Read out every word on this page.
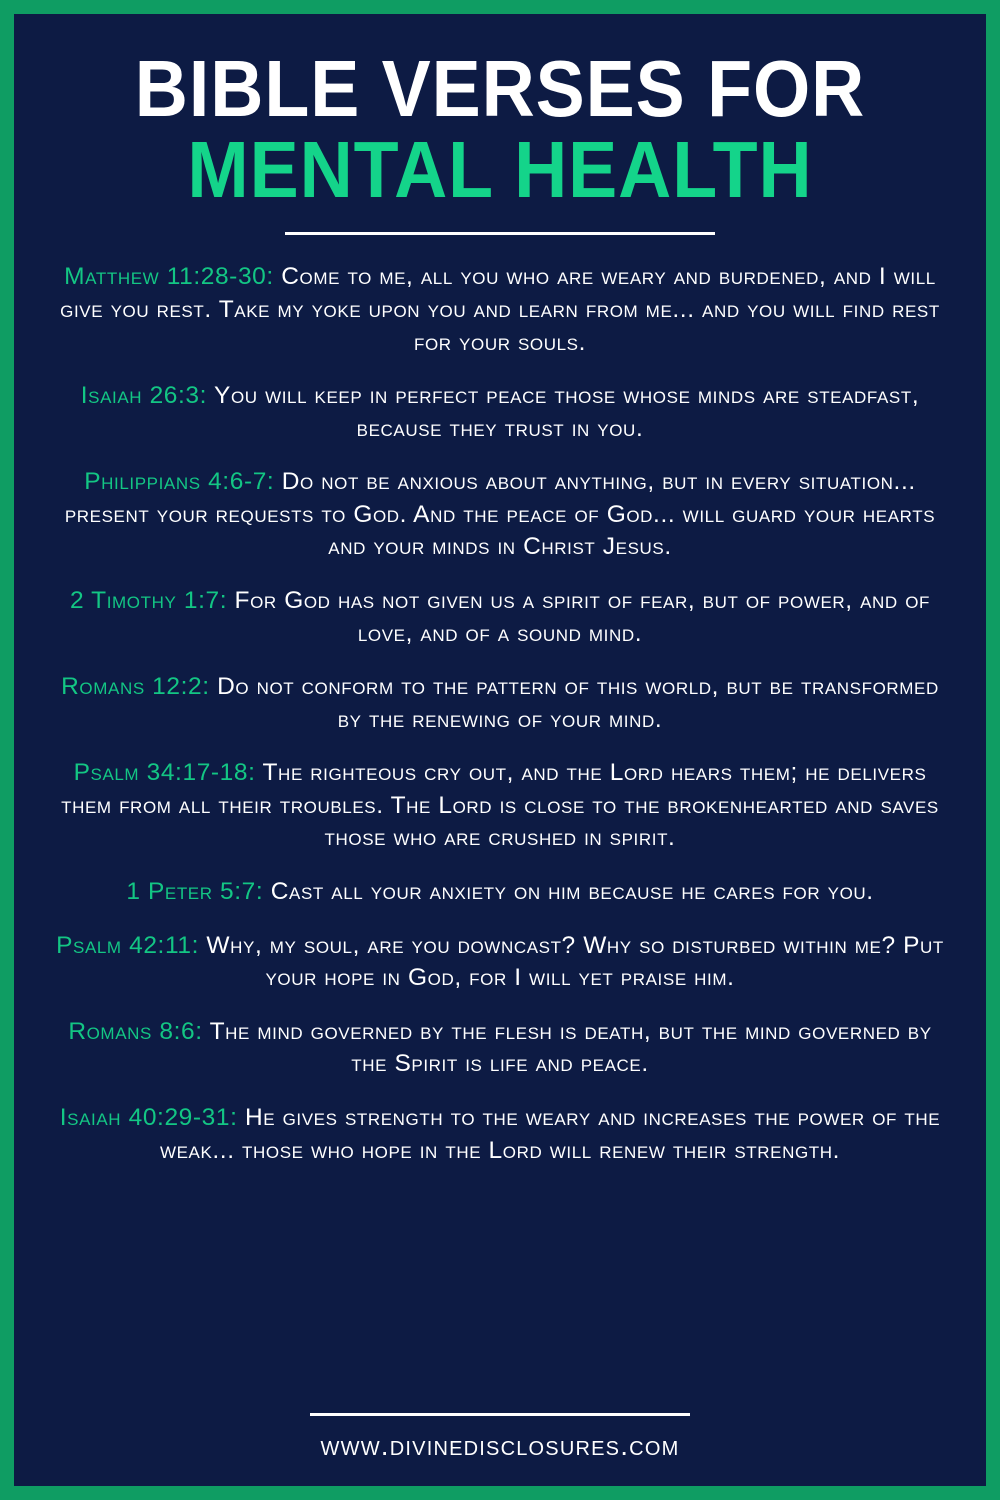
BIBLE VERSES FOR
MENTAL HEALTH
Matthew 11:28-30: Come to me, all you who are weary and burdened, and I will give you rest. Take my yoke upon you and learn from me... and you will find rest for your souls.
Isaiah 26:3: You will keep in perfect peace those whose minds are steadfast, because they trust in you.
Philippians 4:6-7: Do not be anxious about anything, but in every situation... present your requests to God. And the peace of God... will guard your hearts and your minds in Christ Jesus.
2 Timothy 1:7: For God has not given us a spirit of fear, but of power, and of love, and of a sound mind.
Romans 12:2: Do not conform to the pattern of this world, but be transformed by the renewing of your mind.
Psalm 34:17-18: The righteous cry out, and the Lord hears them; he delivers them from all their troubles. The Lord is close to the brokenhearted and saves those who are crushed in spirit.
1 Peter 5:7: Cast all your anxiety on him because he cares for you.
Psalm 42:11: Why, my soul, are you downcast? Why so disturbed within me? Put your hope in God, for I will yet praise him.
Romans 8:6: The mind governed by the flesh is death, but the mind governed by the Spirit is life and peace.
Isaiah 40:29-31: He gives strength to the weary and increases the power of the weak... those who hope in the Lord will renew their strength.
www.divinedisclosures.com
